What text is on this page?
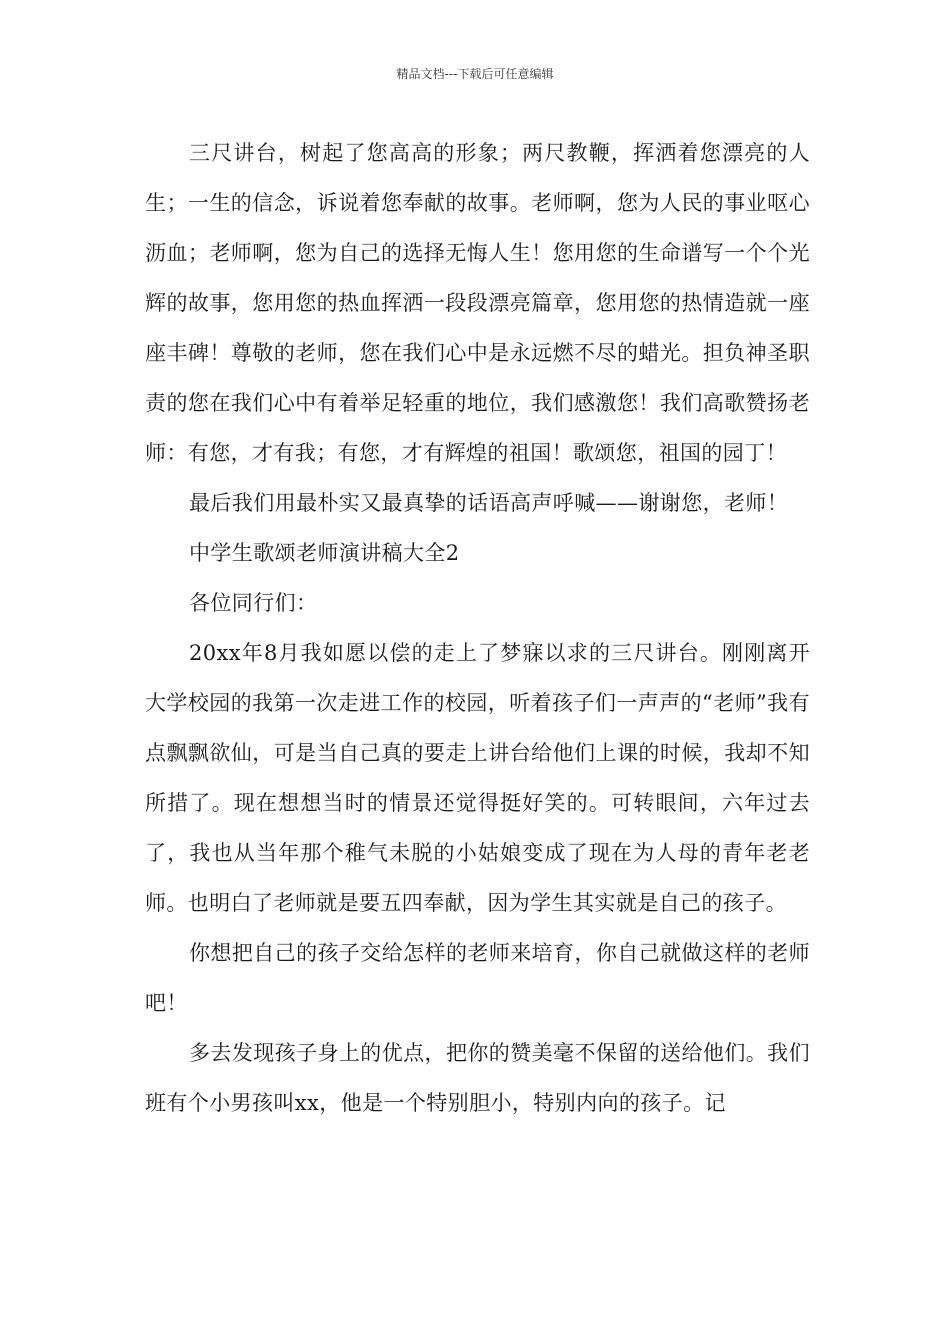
精品文档---下载后可任意编辑

三尺讲台，树起了您高高的形象；两尺教鞭，挥洒着您漂亮的人生；一生的信念，诉说着您奉献的故事。老师啊，您为人民的事业呕心沥血；老师啊，您为自己的选择无悔人生！您用您的生命谱写一个个光辉的故事，您用您的热血挥洒一段段漂亮篇章，您用您的热情造就一座座丰碑！尊敬的老师，您在我们心中是永远燃不尽的蜡光。担负神圣职责的您在我们心中有着举足轻重的地位，我们感激您！我们高歌赞扬老师：有您，才有我；有您，才有辉煌的祖国！歌颂您，祖国的园丁！

最后我们用最朴实又最真挚的话语高声呼喊——谢谢您，老师！

中学生歌颂老师演讲稿大全2

各位同行们：

20xx年8月我如愿以偿的走上了梦寐以求的三尺讲台。刚刚离开大学校园的我第一次走进工作的校园，听着孩子们一声声的“老师”我有点飘飘欲仙，可是当自己真的要走上讲台给他们上课的时候，我却不知所措了。现在想想当时的情景还觉得挺好笑的。可转眼间，六年过去了，我也从当年那个稚气未脱的小姑娘变成了现在为人母的青年老老师。也明白了老师就是要五四奉献，因为学生其实就是自己的孩子。

你想把自己的孩子交给怎样的老师来培育，你自己就做这样的老师吧！

多去发现孩子身上的优点，把你的赞美毫不保留的送给他们。我们班有个小男孩叫xx，他是一个特别胆小，特别内向的孩子。记
